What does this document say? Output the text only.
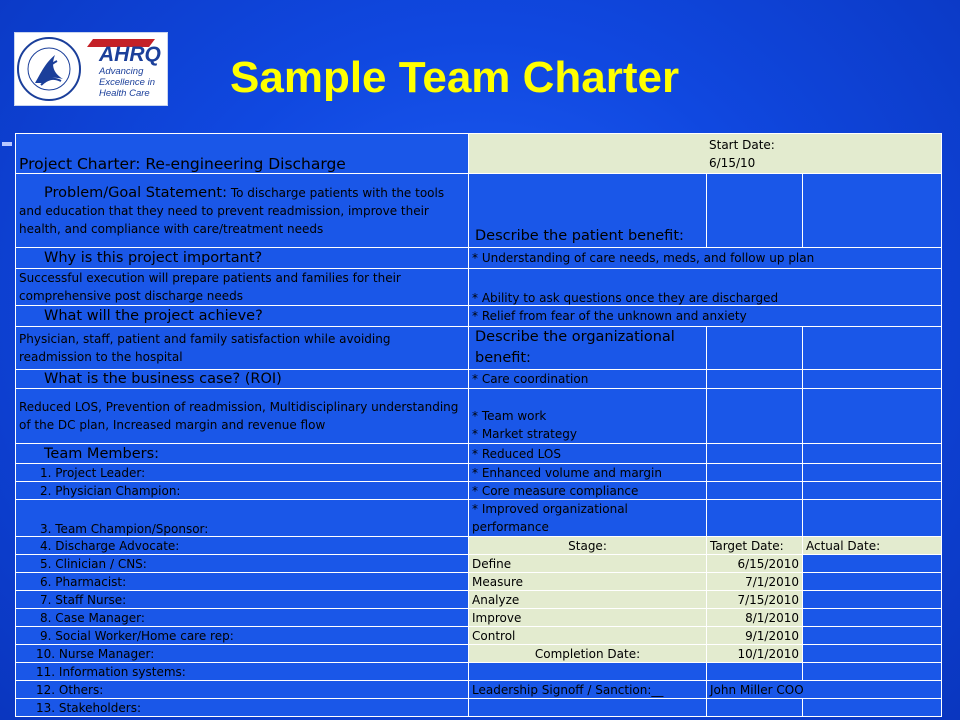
AHRQ
Advancing
Excellence in
Health Care Sample Team Charter
Project Charter: Re-engineering Discharge	Start Date:
6/15/10		

Problem/Goal Statement: To discharge patients with the tools and education that they need to prevent readmission, improve their health, and compliance with care/treatment needs	Describe the patient benefit:		
Why is this project important?	* Understanding of care needs, meds, and follow up plan		
Successful execution will prepare patients and families for their comprehensive post discharge needs	* Ability to ask questions once they are discharged		
What will the project achieve?	* Relief from fear of the unknown and anxiety		
Physician, staff, patient and family satisfaction while avoiding readmission to the hospital	Describe the organizational benefit:		
What is the business case? (ROI)	* Care coordination		
Reduced LOS, Prevention of readmission, Multidisciplinary understanding of the DC plan, Increased margin and revenue flow	* Team work
* Market strategy		

Team Members:	* Reduced LOS		
1. Project Leader:	* Enhanced volume and margin		
2. Physician Champion:	* Core measure compliance		
3. Team Champion/Sponsor:	* Improved organizational performance		
4. Discharge Advocate:	Stage:	Target Date:	Actual Date:
5. Clinician / CNS:	Define	6/15/2010	
6. Pharmacist:	Measure	7/1/2010	
7. Staff Nurse:	Analyze	7/15/2010	
8. Case Manager:	Improve	8/1/2010	
9. Social Worker/Home care rep:	Control	9/1/2010	
10. Nurse Manager:	Completion Date:	10/1/2010	
11. Information systems:			
12. Others:	Leadership Signoff / Sanction:__	John Miller COO	
13. Stakeholders:			
